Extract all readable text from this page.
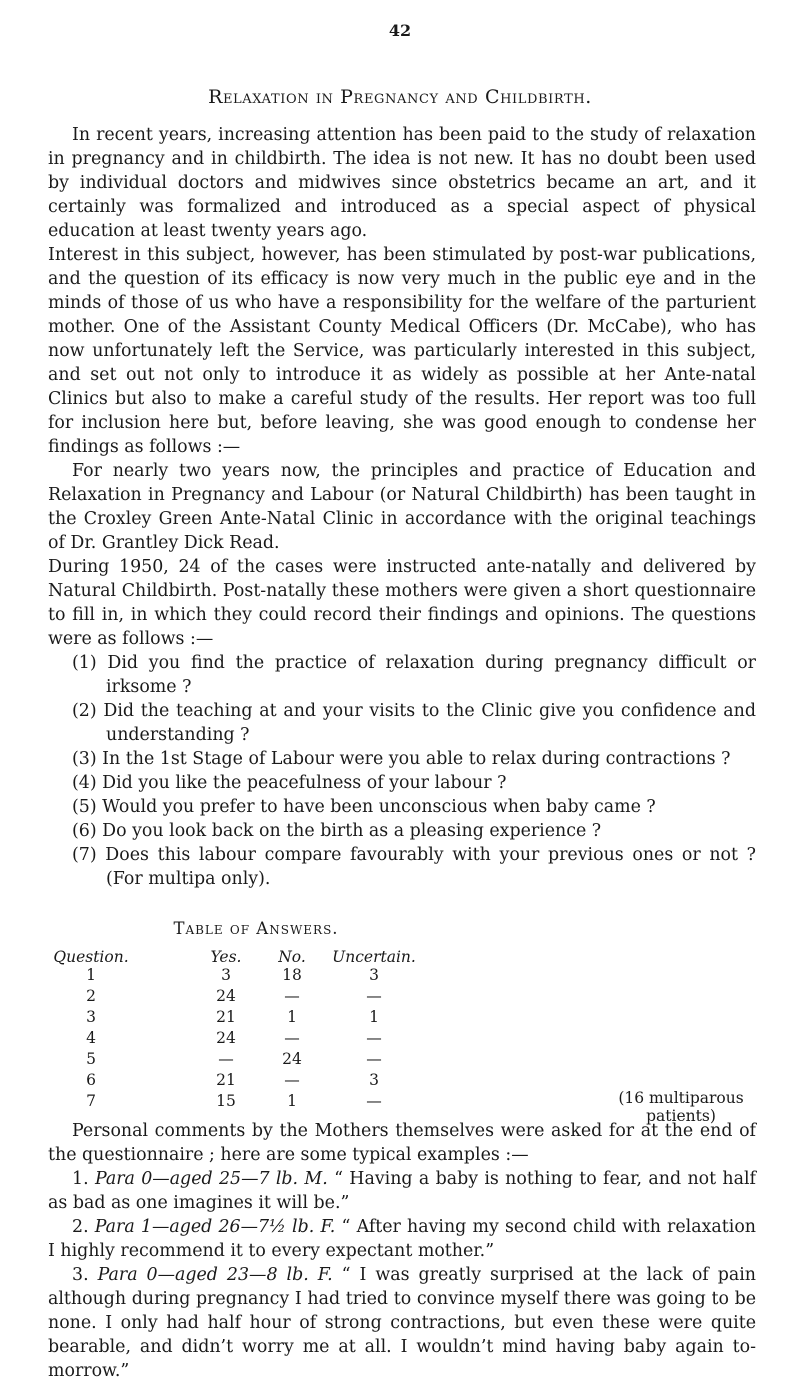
42
Relaxation in Pregnancy and Childbirth.

In recent years, increasing attention has been paid to the study of relaxation in pregnancy and in childbirth. The idea is not new. It has no doubt been used by individual doctors and midwives since obstetrics became an art, and it certainly was formalized and introduced as a special aspect of physical education at least twenty years ago.

Interest in this subject, however, has been stimulated by post-war publications, and the question of its efficacy is now very much in the public eye and in the minds of those of us who have a responsibility for the welfare of the parturient mother. One of the Assistant County Medical Officers (Dr. McCabe), who has now unfortunately left the Service, was particularly interested in this subject, and set out not only to introduce it as widely as possible at her Ante-natal Clinics but also to make a careful study of the results. Her report was too full for inclusion here but, before leaving, she was good enough to condense her findings as follows :—

For nearly two years now, the principles and practice of Education and Relaxation in Pregnancy and Labour (or Natural Childbirth) has been taught in the Croxley Green Ante-Natal Clinic in accordance with the original teachings of Dr. Grantley Dick Read.

During 1950, 24 of the cases were instructed ante-natally and delivered by Natural Childbirth. Post-natally these mothers were given a short questionnaire to fill in, in which they could record their findings and opinions. The questions were as follows :—

(1) Did you find the practice of relaxation during pregnancy difficult or irksome ?

(2) Did the teaching at and your visits to the Clinic give you confidence and understanding ?

(3) In the 1st Stage of Labour were you able to relax during contractions ?

(4) Did you like the peacefulness of your labour ?

(5) Would you prefer to have been unconscious when baby came ?

(6) Do you look back on the birth as a pleasing experience ?

(7) Does this labour compare favourably with your previous ones or not ? (For multipa only).

Table of Answers.
Question.	Yes.	No.	Uncertain.
1	3	18	3
2	24	—	—
3	21	1	1
4	24	—	—
5	—	24	—
6	21	—	3
7	15	1	—	(16 multiparous patients)

Personal comments by the Mothers themselves were asked for at the end of the questionnaire ; here are some typical examples :—

1. Para 0—aged 25—7 lb. M. “ Having a baby is nothing to fear, and not half as bad as one imagines it will be.”

2. Para 1—aged 26—7½ lb. F. “ After having my second child with relaxation I highly recommend it to every expectant mother.”

3. Para 0—aged 23—8 lb. F. “ I was greatly surprised at the lack of pain although during pregnancy I had tried to convince myself there was going to be none. I only had half hour of strong contractions, but even these were quite bearable, and didn’t worry me at all. I wouldn’t mind having baby again to-morrow.”
